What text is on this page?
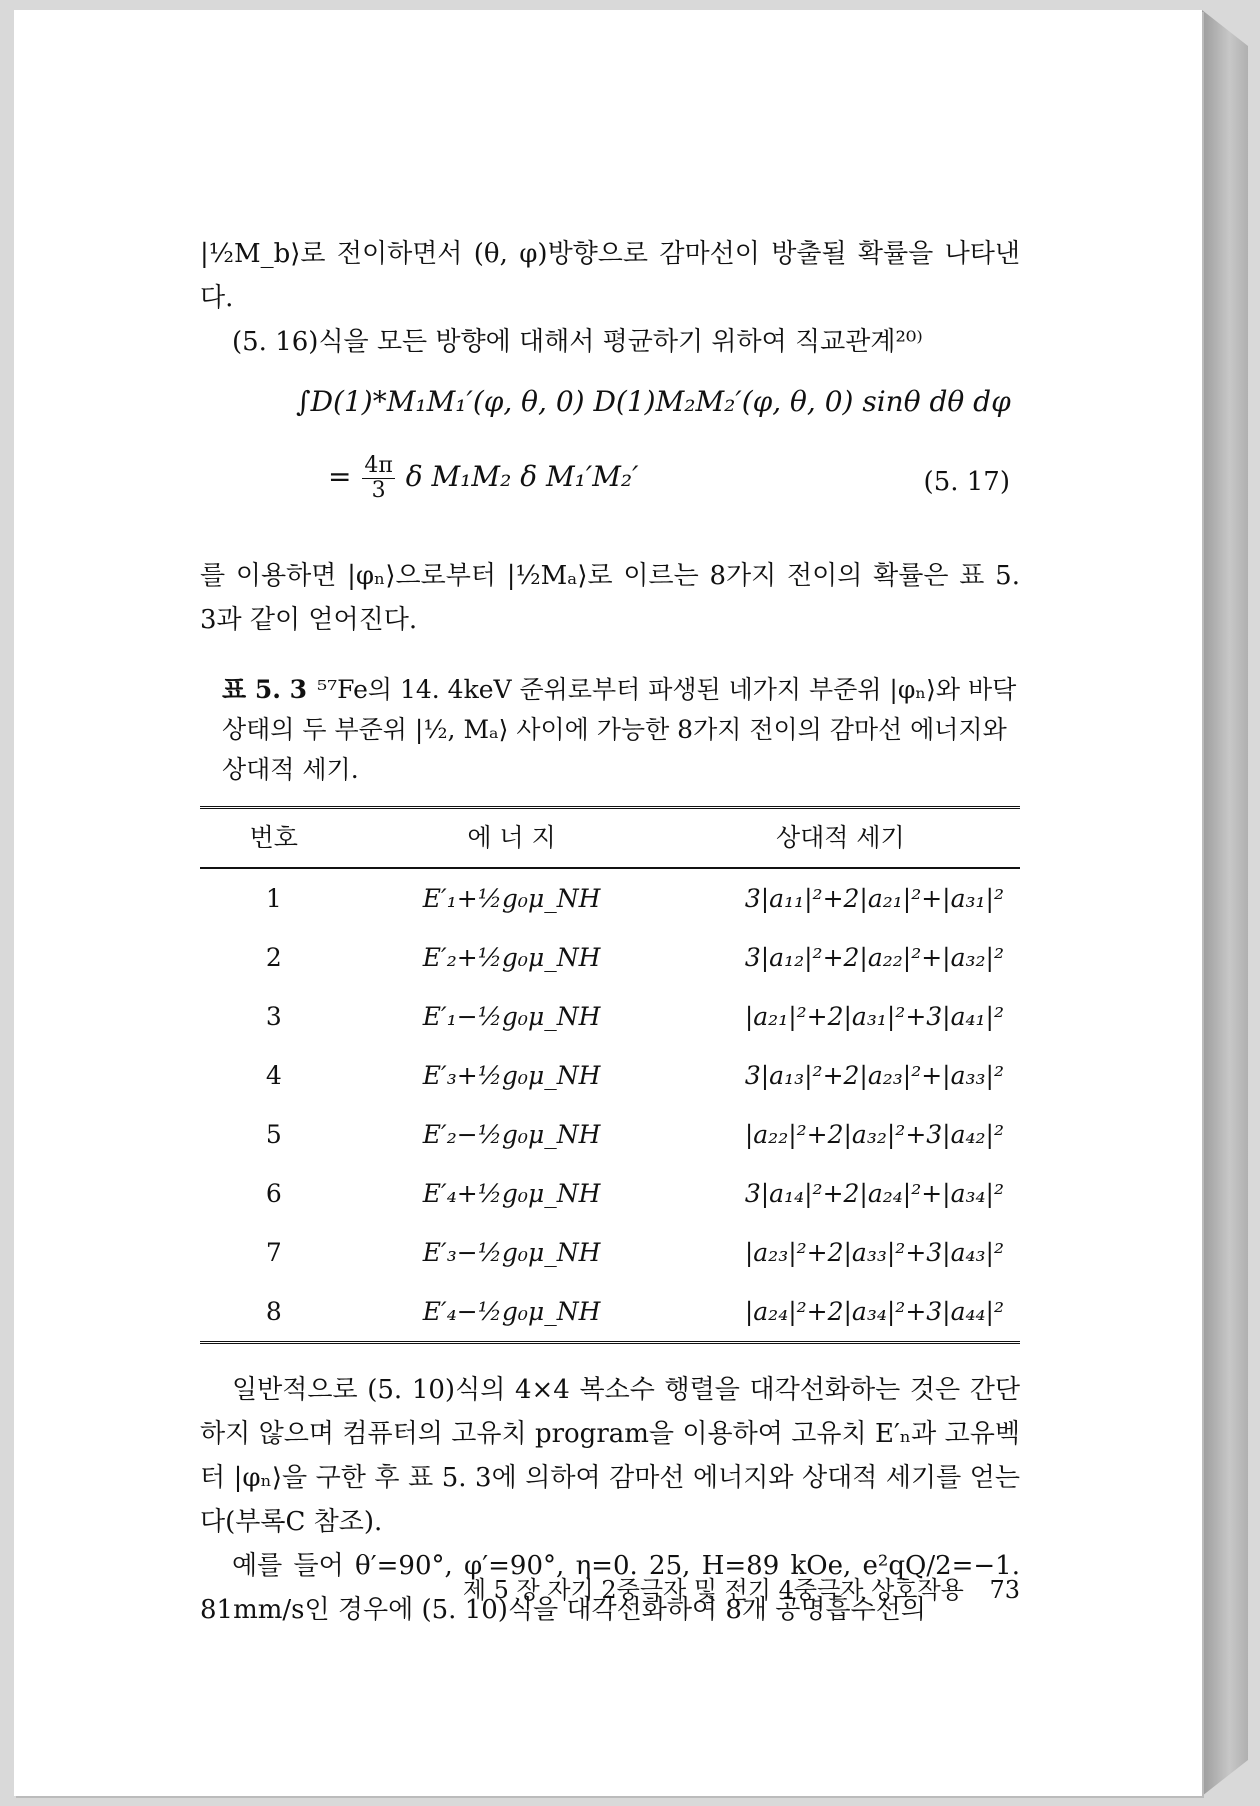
|½M_b⟩로 전이하면서 (θ, φ)방향으로 감마선이 방출될 확률을 나타낸다.

(5. 16)식을 모든 방향에 대해서 평균하기 위하여 직교관계²⁰⁾

∫D(1)*M₁M₁′(φ, θ, 0) D(1)M₂M₂′(φ, θ, 0) sinθ dθ dφ
= $\frac{4\pi}{3}$ δ M₁M₂ δ M₁′M₂′	(5. 17)

를 이용하면 |φₙ⟩으로부터 |½Mₐ⟩로 이르는 8가지 전이의 확률은 표 5. 3과 같이 얻어진다.

표 5. 3 ⁵⁷Fe의 14. 4keV 준위로부터 파생된 네가지 부준위 |φₙ⟩와 바닥 상태의 두 부준위 |½, Mₐ⟩ 사이에 가능한 8가지 전이의 감마선 에너지와 상대적 세기.
번호	에 너 지	상대적 세기
1	E′₁+½g₀μ_NH	3|a₁₁|²+2|a₂₁|²+|a₃₁|²
2	E′₂+½g₀μ_NH	3|a₁₂|²+2|a₂₂|²+|a₃₂|²
3	E′₁−½g₀μ_NH	|a₂₁|²+2|a₃₁|²+3|a₄₁|²
4	E′₃+½g₀μ_NH	3|a₁₃|²+2|a₂₃|²+|a₃₃|²
5	E′₂−½g₀μ_NH	|a₂₂|²+2|a₃₂|²+3|a₄₂|²
6	E′₄+½g₀μ_NH	3|a₁₄|²+2|a₂₄|²+|a₃₄|²
7	E′₃−½g₀μ_NH	|a₂₃|²+2|a₃₃|²+3|a₄₃|²
8	E′₄−½g₀μ_NH	|a₂₄|²+2|a₃₄|²+3|a₄₄|²

일반적으로 (5. 10)식의 4×4 복소수 행렬을 대각선화하는 것은 간단하지 않으며 컴퓨터의 고유치 program을 이용하여 고유치 E′ₙ과 고유벡터 |φₙ⟩을 구한 후 표 5. 3에 의하여 감마선 에너지와 상대적 세기를 얻는다(부록C 참조).

예를 들어 θ′=90°, φ′=90°, η=0. 25, H=89 kOe, e²qQ/2=−1. 81mm/s인 경우에 (5. 10)식을 대각선화하여 8개 공명흡수선의

제 5 장 자기 2중극자 및 전기 4중극자 상호작용 73
